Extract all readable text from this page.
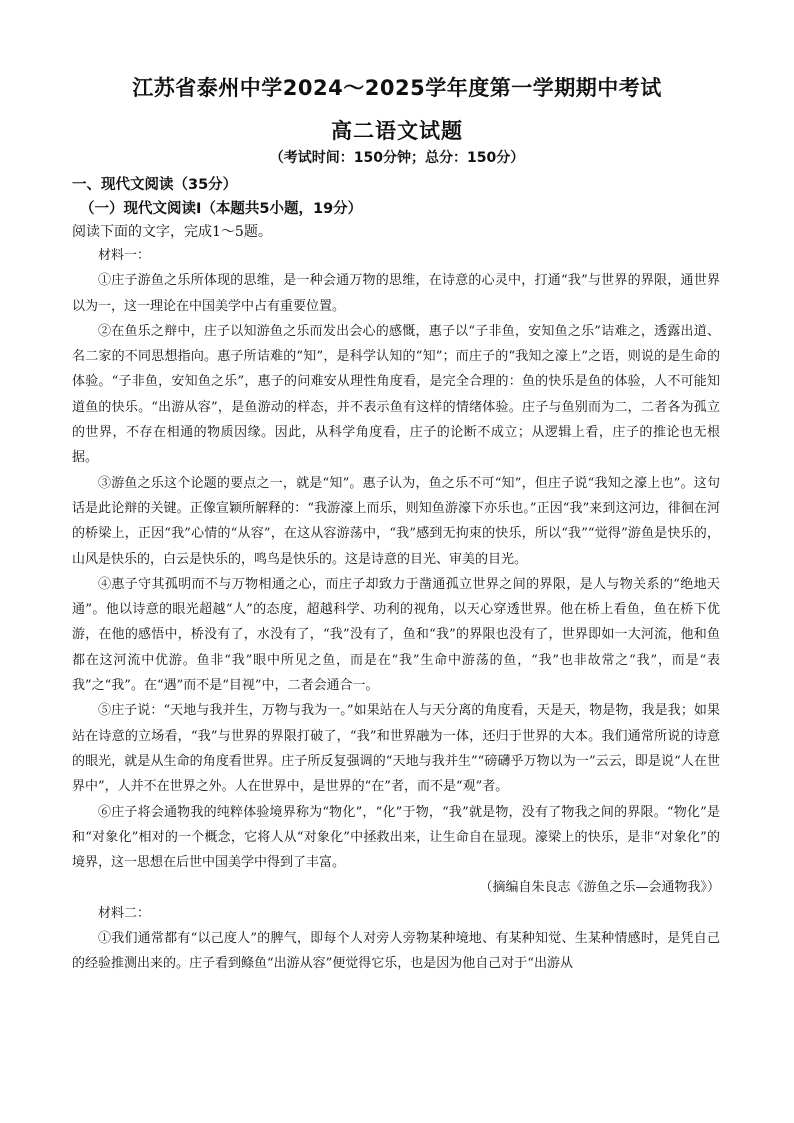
江苏省泰州中学2024～2025学年度第一学期期中考试
高二语文试题
（考试时间：150分钟；总分：150分）
一、现代文阅读（35分）
（一）现代文阅读Ⅰ（本题共5小题，19分）
阅读下面的文字，完成1～5题。

材料一：

①庄子游鱼之乐所体现的思维，是一种会通万物的思维，在诗意的心灵中，打通“我”与世界的界限，通世界以为一，这一理论在中国美学中占有重要位置。

②在鱼乐之辩中，庄子以知游鱼之乐而发出会心的感慨，惠子以“子非鱼，安知鱼之乐”诘难之，透露出道、名二家的不同思想指向。惠子所诘难的“知”，是科学认知的“知”；而庄子的“我知之濠上”之语，则说的是生命的体验。“子非鱼，安知鱼之乐”，惠子的问难安从理性角度看，是完全合理的：鱼的快乐是鱼的体验，人不可能知道鱼的快乐。“出游从容”，是鱼游动的样态，并不表示鱼有这样的情绪体验。庄子与鱼别而为二，二者各为孤立的世界，不存在相通的物质因缘。因此，从科学角度看，庄子的论断不成立；从逻辑上看，庄子的推论也无根据。

③游鱼之乐这个论题的要点之一，就是“知”。惠子认为，鱼之乐不可“知”，但庄子说“我知之濠上也”。这句话是此论辩的关键。正像宣颖所解释的：“我游濠上而乐，则知鱼游濠下亦乐也。”正因“我”来到这河边，徘徊在河的桥梁上，正因“我”心情的“从容”，在这从容游荡中，“我”感到无拘束的快乐，所以“我”“觉得”游鱼是快乐的，山风是快乐的，白云是快乐的，鸣鸟是快乐的。这是诗意的目光、审美的目光。

④惠子守其孤明而不与万物相通之心，而庄子却致力于凿通孤立世界之间的界限，是人与物关系的“绝地天通”。他以诗意的眼光超越“人”的态度，超越科学、功利的视角，以天心穿透世界。他在桥上看鱼，鱼在桥下优游，在他的感悟中，桥没有了，水没有了，“我”没有了，鱼和“我”的界限也没有了，世界即如一大河流，他和鱼都在这河流中优游。鱼非“我”眼中所见之鱼，而是在“我”生命中游荡的鱼，“我”也非故常之“我”，而是“表我”之“我”。在“遇”而不是“目视”中，二者会通合一。

⑤庄子说：“天地与我并生，万物与我为一。”如果站在人与天分离的角度看，天是天，物是物，我是我；如果站在诗意的立场看，“我”与世界的界限打破了，“我”和世界融为一体，还归于世界的大本。我们通常所说的诗意的眼光，就是从生命的角度看世界。庄子所反复强调的“天地与我并生”“磅礴乎万物以为一”云云，即是说“人在世界中”，人并不在世界之外。人在世界中，是世界的“在”者，而不是“观”者。

⑥庄子将会通物我的纯粹体验境界称为“物化”，“化”于物，“我”就是物，没有了物我之间的界限。“物化”是和“对象化”相对的一个概念，它将人从“对象化”中拯救出来，让生命自在显现。濠梁上的快乐，是非“对象化”的境界，这一思想在后世中国美学中得到了丰富。

（摘编自朱良志《游鱼之乐—会通物我》）

材料二：

①我们通常都有“以己度人”的脾气，即每个人对旁人旁物某种境地、有某种知觉、生某种情感时，是凭自己的经验推测出来的。庄子看到鲦鱼“出游从容”便觉得它乐，也是因为他自己对于“出游从
